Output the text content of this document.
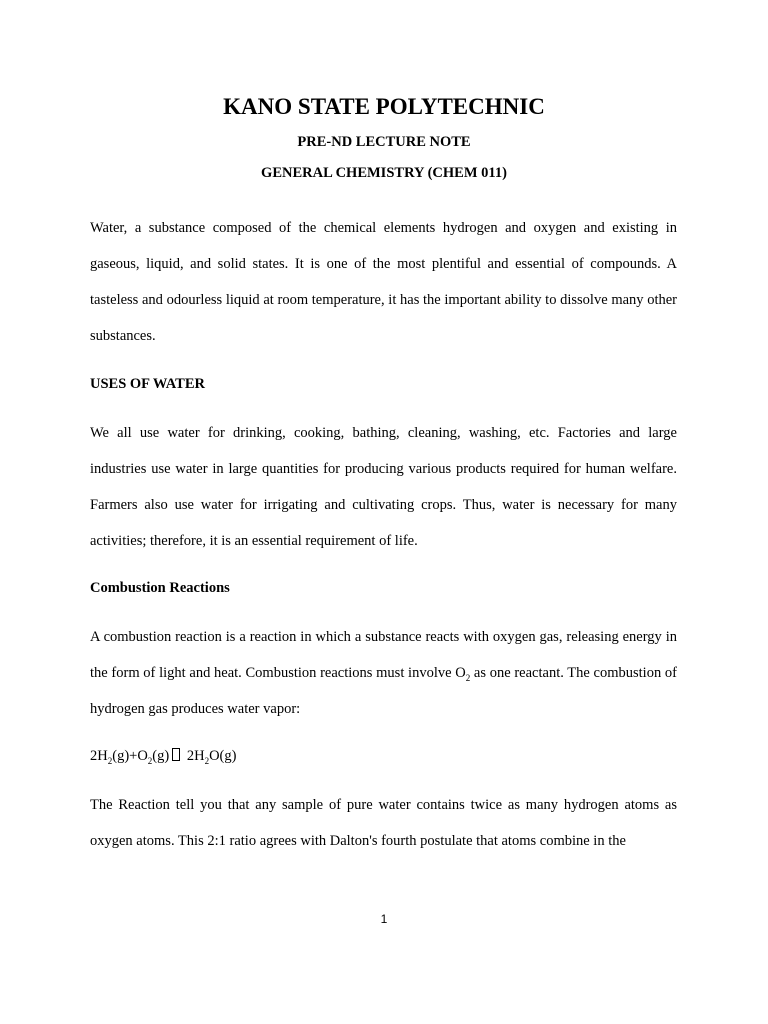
KANO STATE POLYTECHNIC
PRE-ND LECTURE NOTE
GENERAL CHEMISTRY (CHEM 011)
Water, a substance composed of the chemical elements hydrogen and oxygen and existing in gaseous, liquid, and solid states. It is one of the most plentiful and essential of compounds. A tasteless and odourless liquid at room temperature, it has the important ability to dissolve many other substances.
USES OF WATER
We all use water for drinking, cooking, bathing, cleaning, washing, etc. Factories and large industries use water in large quantities for producing various products required for human welfare. Farmers also use water for irrigating and cultivating crops. Thus, water is necessary for many activities; therefore, it is an essential requirement of life.
Combustion Reactions
A combustion reaction is a reaction in which a substance reacts with oxygen gas, releasing energy in the form of light and heat. Combustion reactions must involve $O_2$ as one reactant. The combustion of hydrogen gas produces water vapor:
$2H_2(g)+O_2(g)$ $2H_2O(g)$
The Reaction tell you that any sample of pure water contains twice as many hydrogen atoms as oxygen atoms. This 2:1 ratio agrees with Dalton's fourth postulate that atoms combine in the
1
